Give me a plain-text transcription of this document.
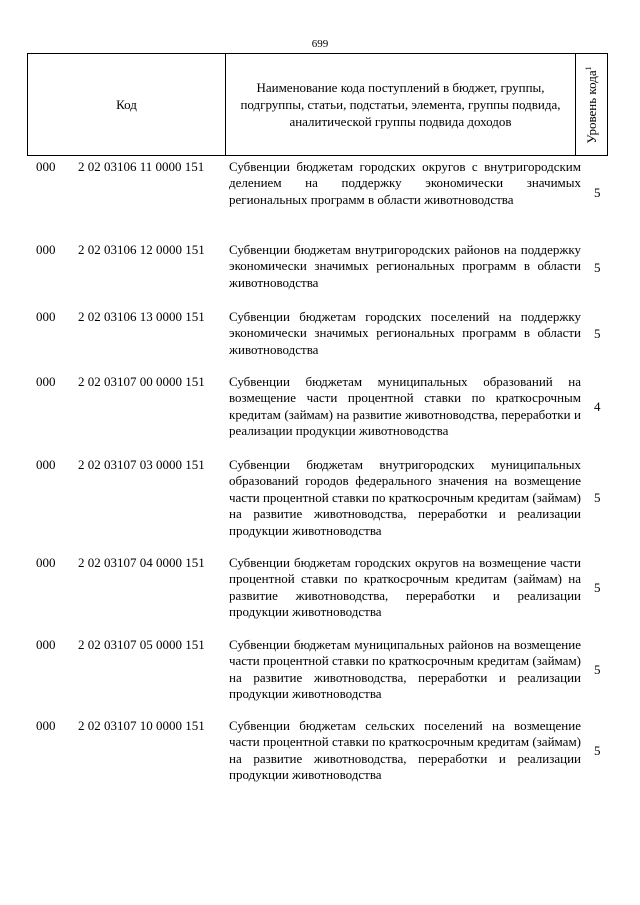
699
Код
Наименование кода поступлений в бюджет, группы, подгруппы, статьи, подстатьи, элемента, группы подвида, аналитической группы подвида доходов	Уровень кода$^1$
000 2 02 03106 11 0000 151 Субвенции бюджетам городских округов с внутригородским делением на поддержку экономически значимых региональных программ в области животноводства	5
000 2 02 03106 12 0000 151 Субвенции бюджетам внутригородских районов на поддержку экономически значимых региональных программ в области животноводства
5
000 2 02 03106 13 0000 151 Субвенции бюджетам городских поселений на поддержку экономически значимых региональных программ в области животноводства
5
000 2 02 03107 00 0000 151 Субвенции бюджетам муниципальных образований на возмещение части процентной ставки по краткосрочным кредитам (займам) на развитие животноводства, переработки и реализации продукции животноводства
4
000 2 02 03107 03 0000 151 Субвенции бюджетам внутригородских муниципальных образований городов федерального значения на возмещение части процентной ставки по краткосрочным кредитам (займам) на развитие животноводства, переработки и реализации продукции животноводства
5
000 2 02 03107 04 0000 151 Субвенции бюджетам городских округов на возмещение части процентной ставки по краткосрочным кредитам (займам) на развитие животноводства, переработки и реализации продукции животноводства
5
000 2 02 03107 05 0000 151 Субвенции бюджетам муниципальных районов на возмещение части процентной ставки по краткосрочным кредитам (займам) на развитие животноводства, переработки и реализации продукции животноводства
5
000 2 02 03107 10 0000 151 Субвенции бюджетам сельских поселений на возмещение части процентной ставки по краткосрочным кредитам (займам) на развитие животноводства, переработки и реализации продукции животноводства
5
